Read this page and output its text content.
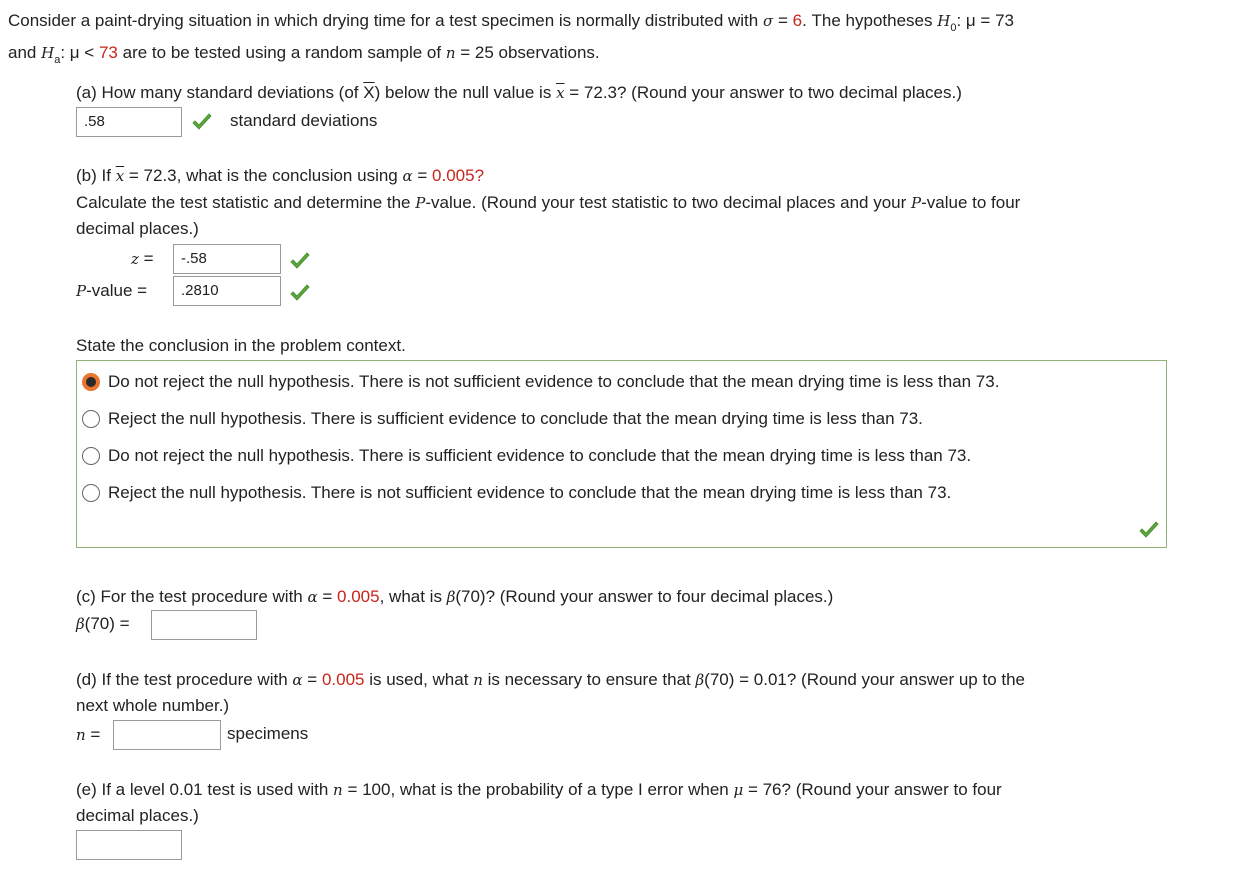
Consider a paint-drying situation in which drying time for a test specimen is normally distributed with σ = 6. The hypotheses $H_0$: μ = 73
and $H_a$: μ < 73 are to be tested using a random sample of n = 25 observations.
(a) How many standard deviations (of $\overline{X}$) below the null value is $\overline{x} = 72.3$? (Round your answer to two decimal places.)
.58	standard deviations
(b) If $\overline{x} = 72.3$, what is the conclusion using α = 0.005?
Calculate the test statistic and determine the P-value. (Round your test statistic to two decimal places and your P-value to four
decimal places.)
z =	-.58
P-value =	.2810
State the conclusion in the problem context.
Do not reject the null hypothesis. There is not sufficient evidence to conclude that the mean drying time is less than 73.
Reject the null hypothesis. There is sufficient evidence to conclude that the mean drying time is less than 73.
Do not reject the null hypothesis. There is sufficient evidence to conclude that the mean drying time is less than 73.
Reject the null hypothesis. There is not sufficient evidence to conclude that the mean drying time is less than 73.
(c) For the test procedure with α = 0.005, what is β(70)? (Round your answer to four decimal places.)
β(70) =
(d) If the test procedure with α = 0.005 is used, what n is necessary to ensure that β(70) = 0.01? (Round your answer up to the
next whole number.)
n =	specimens
(e) If a level 0.01 test is used with n = 100, what is the probability of a type I error when μ = 76? (Round your answer to four
decimal places.)
